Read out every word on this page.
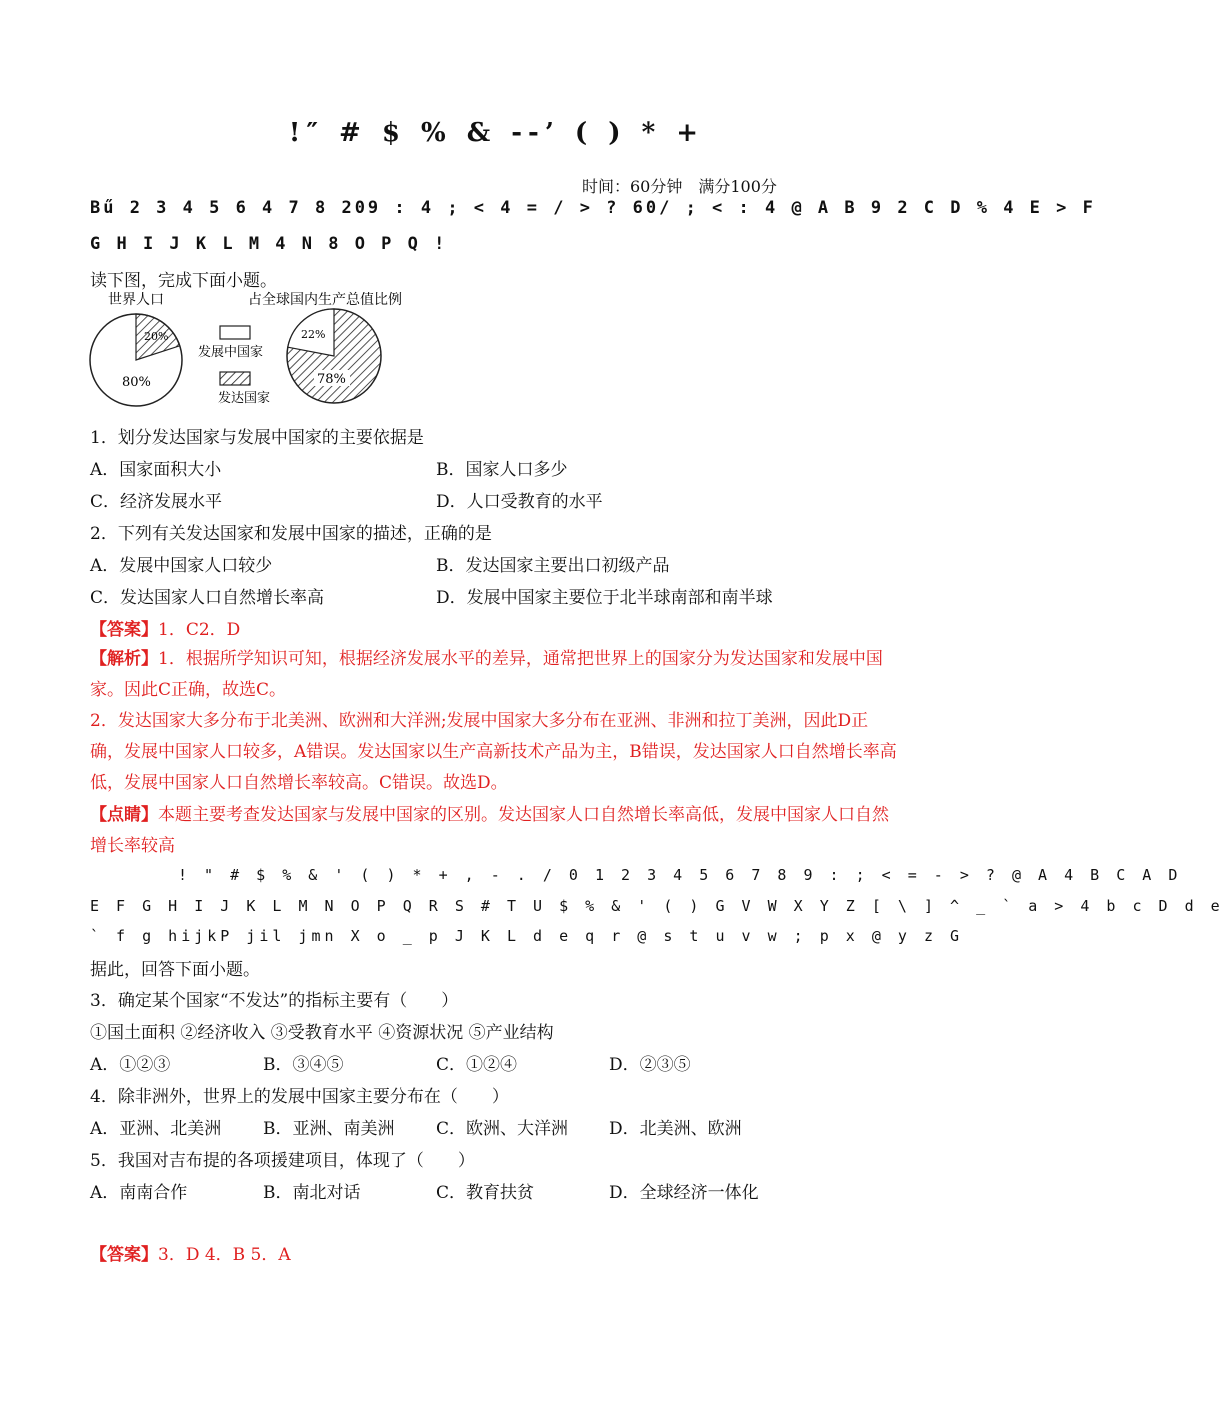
!″ # $ % & --’ ( ) * +
时间：60分钟　满分100分
Bű 2 3 4 5 6 4 7 8 209 : 4 ; < 4 = / > ? 60/ ; < : 4 @ A B 9 2 C D % 4 E > F
G H I J K L M 4 N 8 O P Q !
读下图，完成下面小题。
世界人口	占全球国内生产总值比例
20%
80%
发展中国家
发达国家
22%
78%
1．划分发达国家与发展中国家的主要依据是
A．国家面积大小	B．国家人口多少
C．经济发展水平	D．人口受教育的水平
2．下列有关发达国家和发展中国家的描述，正确的是
A．发展中国家人口较少	B．发达国家主要出口初级产品
C．发达国家人口自然增长率高	D．发展中国家主要位于北半球南部和南半球
【答案】1．C2．D
【解析】1．根据所学知识可知，根据经济发展水平的差异，通常把世界上的国家分为发达国家和发展中国家。因此C正确，故选C。
2．发达国家大多分布于北美洲、欧洲和大洋洲;发展中国家大多分布在亚洲、非洲和拉丁美洲，因此D正确，发展中国家人口较多，A错误。发达国家以生产高新技术产品为主，B错误，发达国家人口自然增长率高低，发展中国家人口自然增长率较高。C错误。故选D。
【点睛】本题主要考查发达国家与发展中国家的区别。发达国家人口自然增长率高低，发展中国家人口自然增长率较高
! " # $ % & ' ( ) * + , - . / 0 1 2 3 4 5 6 7 8 9 : ; < = - > ? @ A 4 B C A D
E F G H I J K L M N O P Q R S # T U $ % & ' ( ) G V W X Y Z [ \ ] ^ _ ` a > 4 b c D d e
` f g hijkP jil jmn X o _ p J K L d e q r @ s t u v w ; p x @ y z G
据此，回答下面小题。
3．确定某个国家“不发达”的指标主要有（　　）
①国土面积 ②经济收入 ③受教育水平 ④资源状况 ⑤产业结构
A．①②③	B．③④⑤	C．①②④	D．②③⑤
4．除非洲外，世界上的发展中国家主要分布在（　　）
A．亚洲、北美洲 B．亚洲、南美洲 C．欧洲、大洋洲 D．北美洲、欧洲
5．我国对吉布提的各项援建项目，体现了（　　）
A．南南合作	B．南北对话	C．教育扶贫	D．全球经济一体化
【答案】3．D 4．B 5．A
